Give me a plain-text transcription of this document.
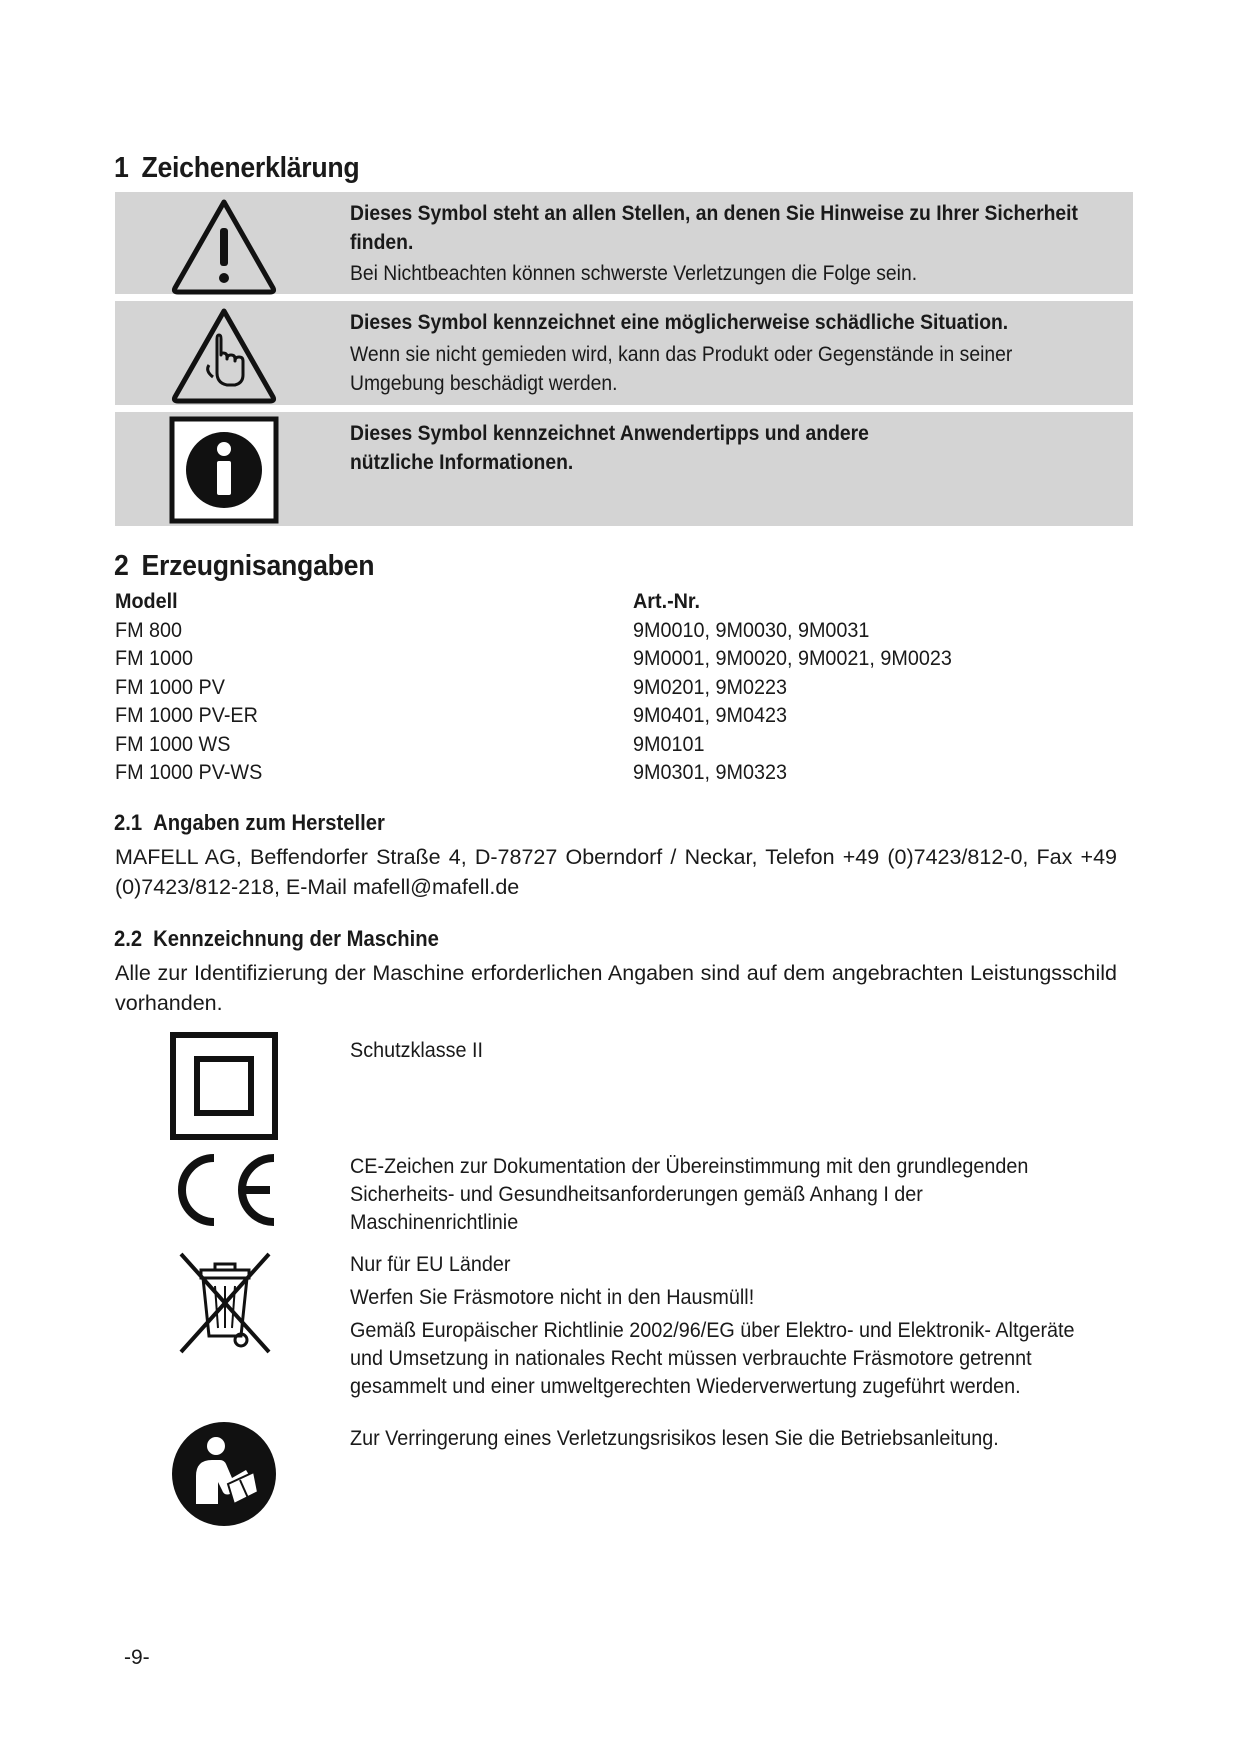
1 Zeichenerklärung
Dieses Symbol steht an allen Stellen, an denen Sie Hinweise zu Ihrer Sicherheit finden.
Bei Nichtbeachten können schwerste Verletzungen die Folge sein.
Dieses Symbol kennzeichnet eine möglicherweise schädliche Situation.
Wenn sie nicht gemieden wird, kann das Produkt oder Gegenstände in seiner Umgebung beschädigt werden.
Dieses Symbol kennzeichnet Anwendertipps und andere nützliche Informationen.
2 Erzeugnisangaben
Modell
FM 800
FM 1000
FM 1000 PV
FM 1000 PV-ER
FM 1000 WS
FM 1000 PV-WS
Art.-Nr.
9M0010, 9M0030, 9M0031
9M0001, 9M0020, 9M0021, 9M0023
9M0201, 9M0223
9M0401, 9M0423
9M0101
9M0301, 9M0323
2.1 Angaben zum Hersteller
MAFELL AG, Beffendorfer Straße 4, D-78727 Oberndorf / Neckar, Telefon +49 (0)7423/812-0, Fax +49 (0)7423/812-218, E-Mail mafell@mafell.de
2.2 Kennzeichnung der Maschine
Alle zur Identifizierung der Maschine erforderlichen Angaben sind auf dem angebrachten Leistungsschild vorhanden.

Schutzklasse II

CE-Zeichen zur Dokumentation der Übereinstimmung mit den grundlegenden Sicherheits- und Gesundheitsanforderungen gemäß Anhang I der Maschinenrichtlinie

Nur für EU Länder

Werfen Sie Fräsmotore nicht in den Hausmüll!

Gemäß Europäischer Richtlinie 2002/96/EG über Elektro- und Elektronik- Altgeräte und Umsetzung in nationales Recht müssen verbrauchte Fräsmotore getrennt gesammelt und einer umweltgerechten Wiederverwertung zugeführt werden.

Zur Verringerung eines Verletzungsrisikos lesen Sie die Betriebsanleitung.

-9-
